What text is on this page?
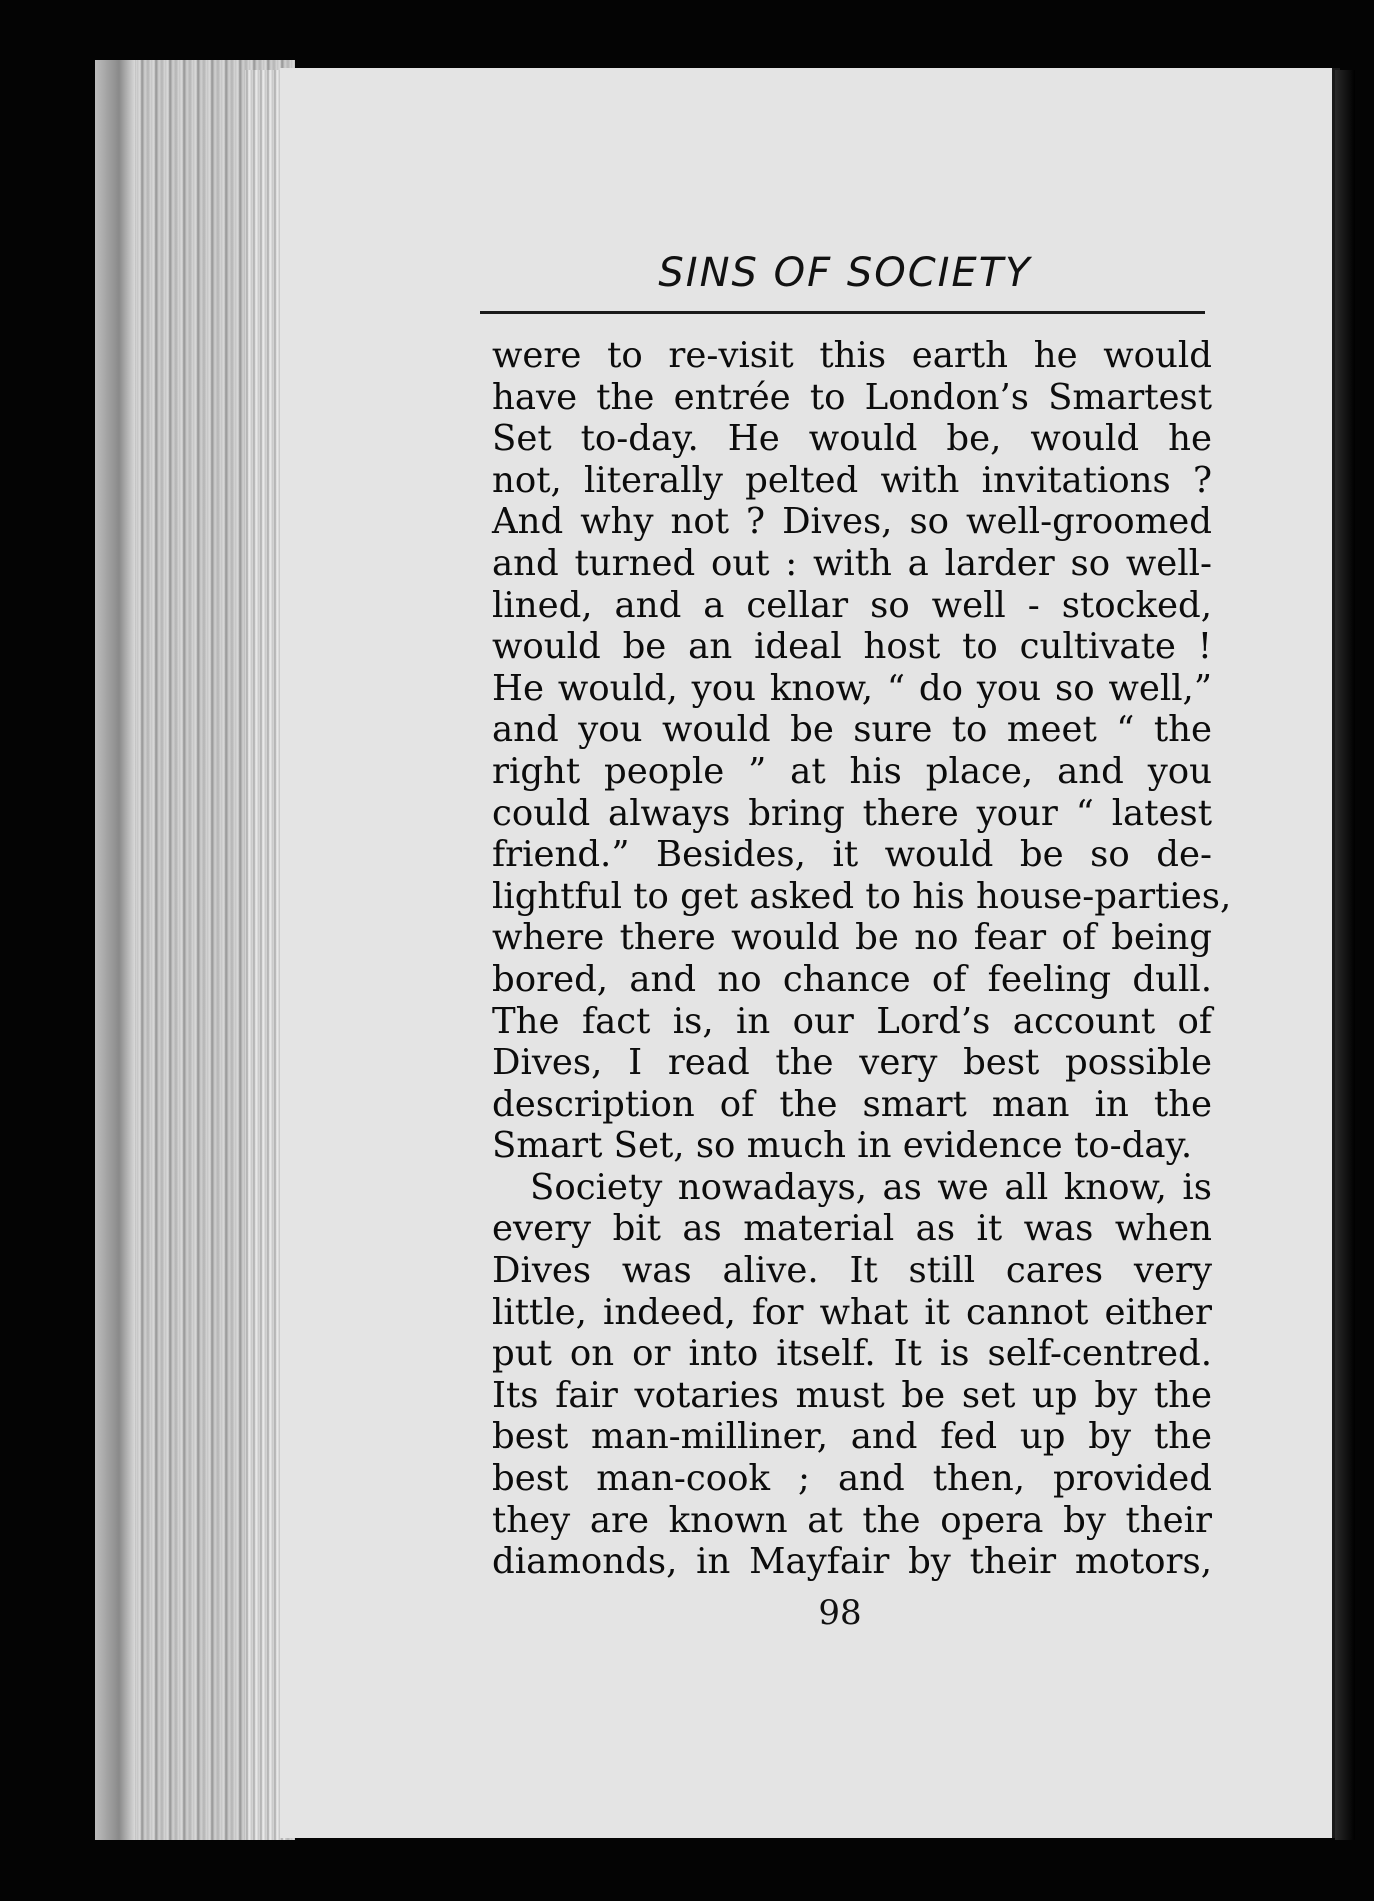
SINS OF SOCIETY
were to re-visit this earth he would
have the entrée to London’s Smartest
Set to-day. He would be, would he
not, literally pelted with invitations ?
And why not ? Dives, so well-groomed
and turned out : with a larder so well-
lined, and a cellar so well - stocked,
would be an ideal host to cultivate !
He would, you know, “ do you so well,”
and you would be sure to meet “ the
right people ” at his place, and you
could always bring there your “ latest
friend.” Besides, it would be so de-
lightful to get asked to his house-parties,
where there would be no fear of being
bored, and no chance of feeling dull.
The fact is, in our Lord’s account of
Dives, I read the very best possible
description of the smart man in the
Smart Set, so much in evidence to-day.
Society nowadays, as we all know, is
every bit as material as it was when
Dives was alive. It still cares very
little, indeed, for what it cannot either
put on or into itself. It is self-centred.
Its fair votaries must be set up by the
best man-milliner, and fed up by the
best man-cook ; and then, provided
they are known at the opera by their
diamonds, in Mayfair by their motors,
98
